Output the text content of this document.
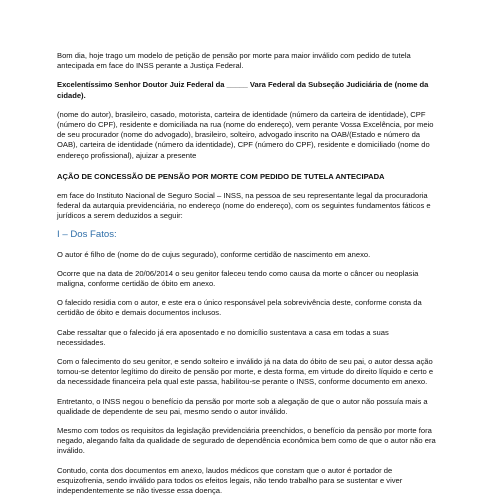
Bom dia, hoje trago um modelo de petição de pensão por morte para maior inválido com pedido de tutela antecipada em face do INSS perante a Justiça Federal.

Excelentíssimo Senhor Doutor Juiz Federal da _____ Vara Federal da Subseção Judiciária de (nome da cidade).

(nome do autor), brasileiro, casado, motorista, carteira de identidade (número da carteira de identidade), CPF (número do CPF), residente e domiciliada na rua (nome do endereço), vem perante Vossa Excelência, por meio de seu procurador (nome do advogado), brasileiro, solteiro, advogado inscrito na OAB/(Estado e número da OAB), carteira de identidade (número da identidade), CPF (número do CPF), residente e domiciliado (nome do endereço profissional), ajuizar a presente

AÇÃO DE CONCESSÃO DE PENSÃO POR MORTE COM PEDIDO DE TUTELA ANTECIPADA

em face do Instituto Nacional de Seguro Social – INSS, na pessoa de seu representante legal da procuradoria federal da autarquia previdenciária, no endereço (nome do endereço), com os seguintes fundamentos fáticos e jurídicos a serem deduzidos a seguir:

I – Dos Fatos:

O autor é filho de (nome do de cujus segurado), conforme certidão de nascimento em anexo.

Ocorre que na data de 20/06/2014 o seu genitor faleceu tendo como causa da morte o câncer ou neoplasia maligna, conforme certidão de óbito em anexo.

O falecido residia com o autor, e este era o único responsável pela sobrevivência deste, conforme consta da certidão de óbito e demais documentos inclusos.

Cabe ressaltar que o falecido já era aposentado e no domicílio sustentava a casa em todas a suas necessidades.

Com o falecimento do seu genitor, e sendo solteiro e inválido já na data do óbito de seu pai, o autor dessa ação tornou-se detentor legítimo do direito de pensão por morte, e desta forma, em virtude do direito líquido e certo e da necessidade financeira pela qual este passa, habilitou-se perante o INSS, conforme documento em anexo.

Entretanto, o INSS negou o benefício da pensão por morte sob a alegação de que o autor não possuía mais a qualidade de dependente de seu pai, mesmo sendo o autor inválido.

Mesmo com todos os requisitos da legislação previdenciária preenchidos, o benefício da pensão por morte fora negado, alegando falta da qualidade de segurado de dependência econômica bem como de que o autor não era inválido.

Contudo, conta dos documentos em anexo, laudos médicos que constam que o autor é portador de esquizofrenia, sendo inválido para todos os efeitos legais, não tendo trabalho para se sustentar e viver independentemente se não tivesse essa doença.
